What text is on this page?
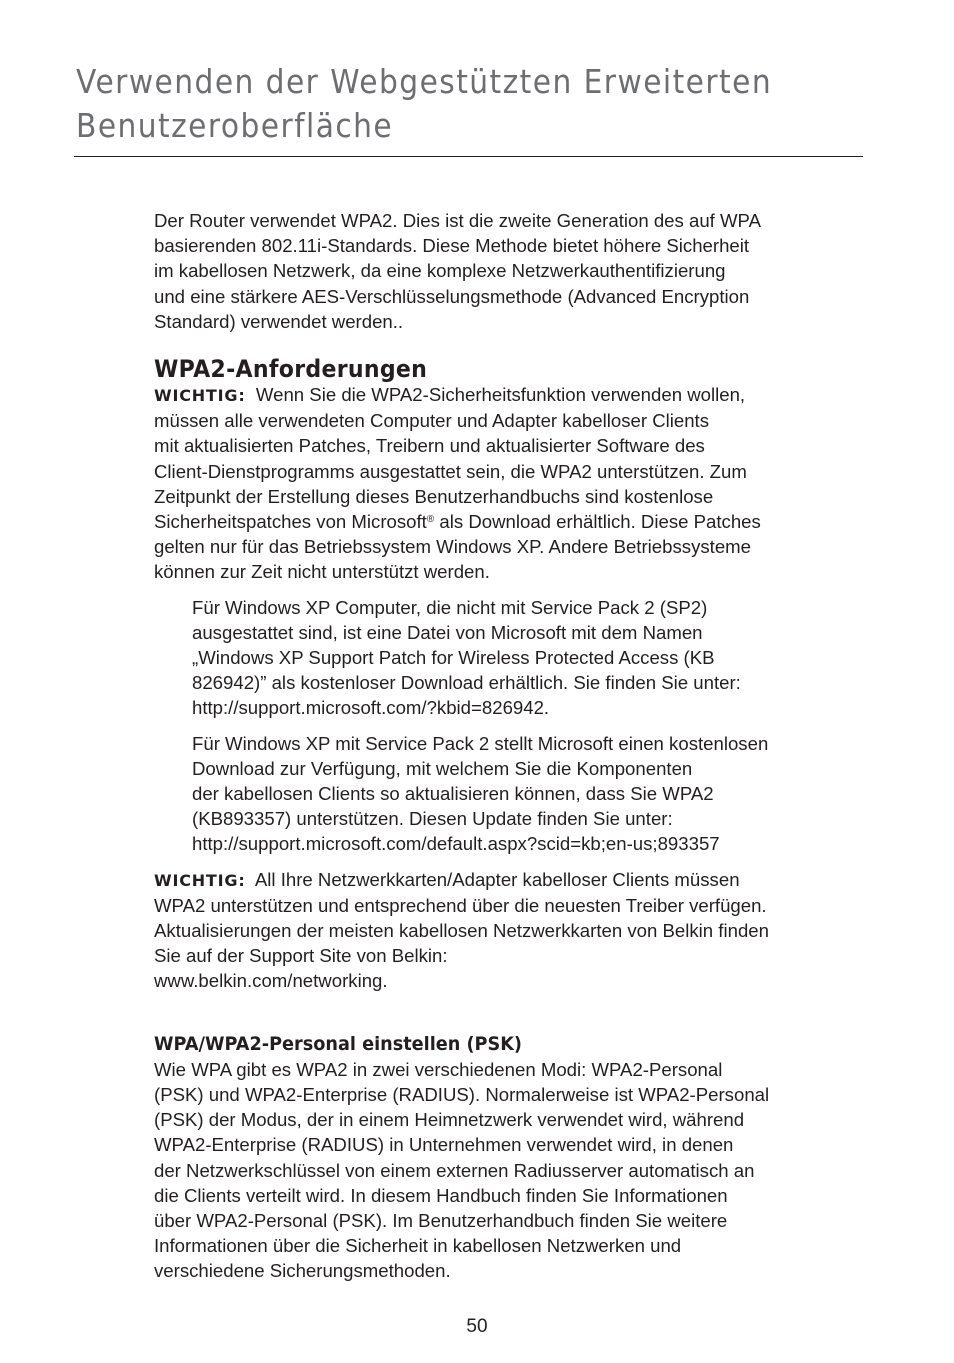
Verwenden der Webgestützten Erweiterten
Benutzeroberfläche

Der Router verwendet WPA2. Dies ist die zweite Generation des auf WPA
basierenden 802.11i-Standards. Diese Methode bietet höhere Sicherheit
im kabellosen Netzwerk, da eine komplexe Netzwerkauthentifizierung
und eine stärkere AES-Verschlüsselungsmethode (Advanced Encryption
Standard) verwendet werden..

WPA2-Anforderungen

WICHTIG: Wenn Sie die WPA2-Sicherheitsfunktion verwenden wollen,
müssen alle verwendeten Computer und Adapter kabelloser Clients
mit aktualisierten Patches, Treibern und aktualisierter Software des
Client-Dienstprogramms ausgestattet sein, die WPA2 unterstützen. Zum
Zeitpunkt der Erstellung dieses Benutzerhandbuchs sind kostenlose
Sicherheitspatches von Microsoft® als Download erhältlich. Diese Patches
gelten nur für das Betriebssystem Windows XP. Andere Betriebssysteme
können zur Zeit nicht unterstützt werden.

Für Windows XP Computer, die nicht mit Service Pack 2 (SP2)
ausgestattet sind, ist eine Datei von Microsoft mit dem Namen
„Windows XP Support Patch for Wireless Protected Access (KB
826942)” als kostenloser Download erhältlich. Sie finden Sie unter:
http://support.microsoft.com/?kbid=826942.

Für Windows XP mit Service Pack 2 stellt Microsoft einen kostenlosen
Download zur Verfügung, mit welchem Sie die Komponenten
der kabellosen Clients so aktualisieren können, dass Sie WPA2
(KB893357) unterstützen. Diesen Update finden Sie unter:
http://support.microsoft.com/default.aspx?scid=kb;en-us;893357

WICHTIG: All Ihre Netzwerkkarten/Adapter kabelloser Clients müssen
WPA2 unterstützen und entsprechend über die neuesten Treiber verfügen.
Aktualisierungen der meisten kabellosen Netzwerkkarten von Belkin finden
Sie auf der Support Site von Belkin:
www.belkin.com/networking.

WPA/WPA2-Personal einstellen (PSK)

Wie WPA gibt es WPA2 in zwei verschiedenen Modi: WPA2-Personal
(PSK) und WPA2-Enterprise (RADIUS). Normalerweise ist WPA2-Personal
(PSK) der Modus, der in einem Heimnetzwerk verwendet wird, während
WPA2-Enterprise (RADIUS) in Unternehmen verwendet wird, in denen
der Netzwerkschlüssel von einem externen Radiusserver automatisch an
die Clients verteilt wird. In diesem Handbuch finden Sie Informationen
über WPA2-Personal (PSK). Im Benutzerhandbuch finden Sie weitere
Informationen über die Sicherheit in kabellosen Netzwerken und
verschiedene Sicherungsmethoden.

50
